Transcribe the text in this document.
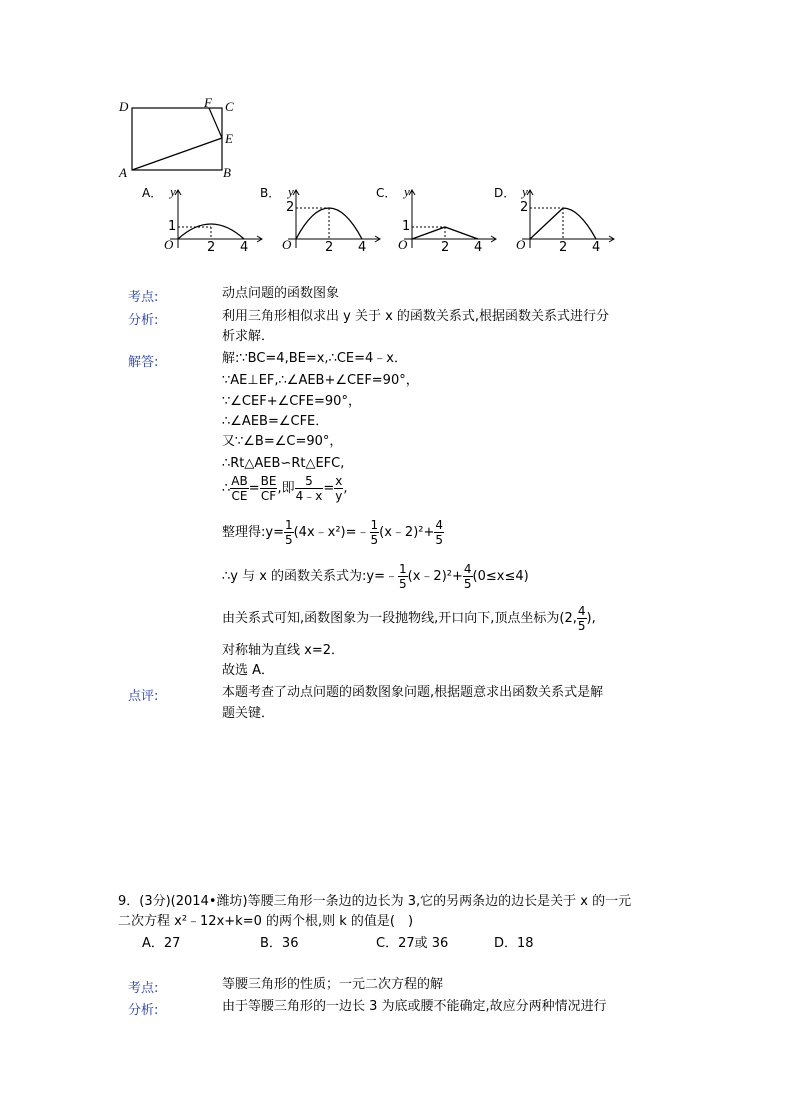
D	F C
E
A	B
A． y
1
O	2 4
B． y
2
O	2 4
C． y
1
O	2 4
D． y
2
O	2 4
考点:	动点问题的函数图象
分析:	利用三角形相似求出 y 关于 x 的函数关系式,根据函数关系式进行分
析求解．
解答:	解:∵BC=4,BE=x,∴CE=4﹣x．
∵AE⊥EF,∴∠AEB+∠CEF=90°，
∵∠CEF+∠CFE=90°，
∴∠AEB=∠CFE．
又∵∠B=∠C=90°，
∴Rt△AEB∽Rt△EFC,
∴ $\frac{AB}{CE} = \frac{BE}{CF}$ ,即 $\frac{5}{4﹣x} = \frac{x}{y}$ ,
整理得:y= $\frac{1}{5}$ (4x﹣x²)=﹣ $\frac{1}{5}$ (x﹣2)²+ $\frac{4}{5}$
∴y 与 x 的函数关系式为:y=﹣ $\frac{1}{5}$ (x﹣2)²+ $\frac{4}{5} (0\le x\le 4)$
由关系式可知,函数图象为一段抛物线,开口向下,顶点坐标为(2, $\frac{4}{5}$ ),
对称轴为直线 x=2．
故选 A．
点评:	本题考查了动点问题的函数图象问题,根据题意求出函数关系式是解
题关键．
9．(3分)(2014•潍坊)等腰三角形一条边的边长为 3,它的另两条边的边长是关于 x 的一元
二次方程 x²﹣12x+k=0 的两个根,则 k 的值是(　)
A．27	B．36	C．27或 36	D．18
考点:	等腰三角形的性质；一元二次方程的解
分析:	由于等腰三角形的一边长 3 为底或腰不能确定,故应分两种情况进行
